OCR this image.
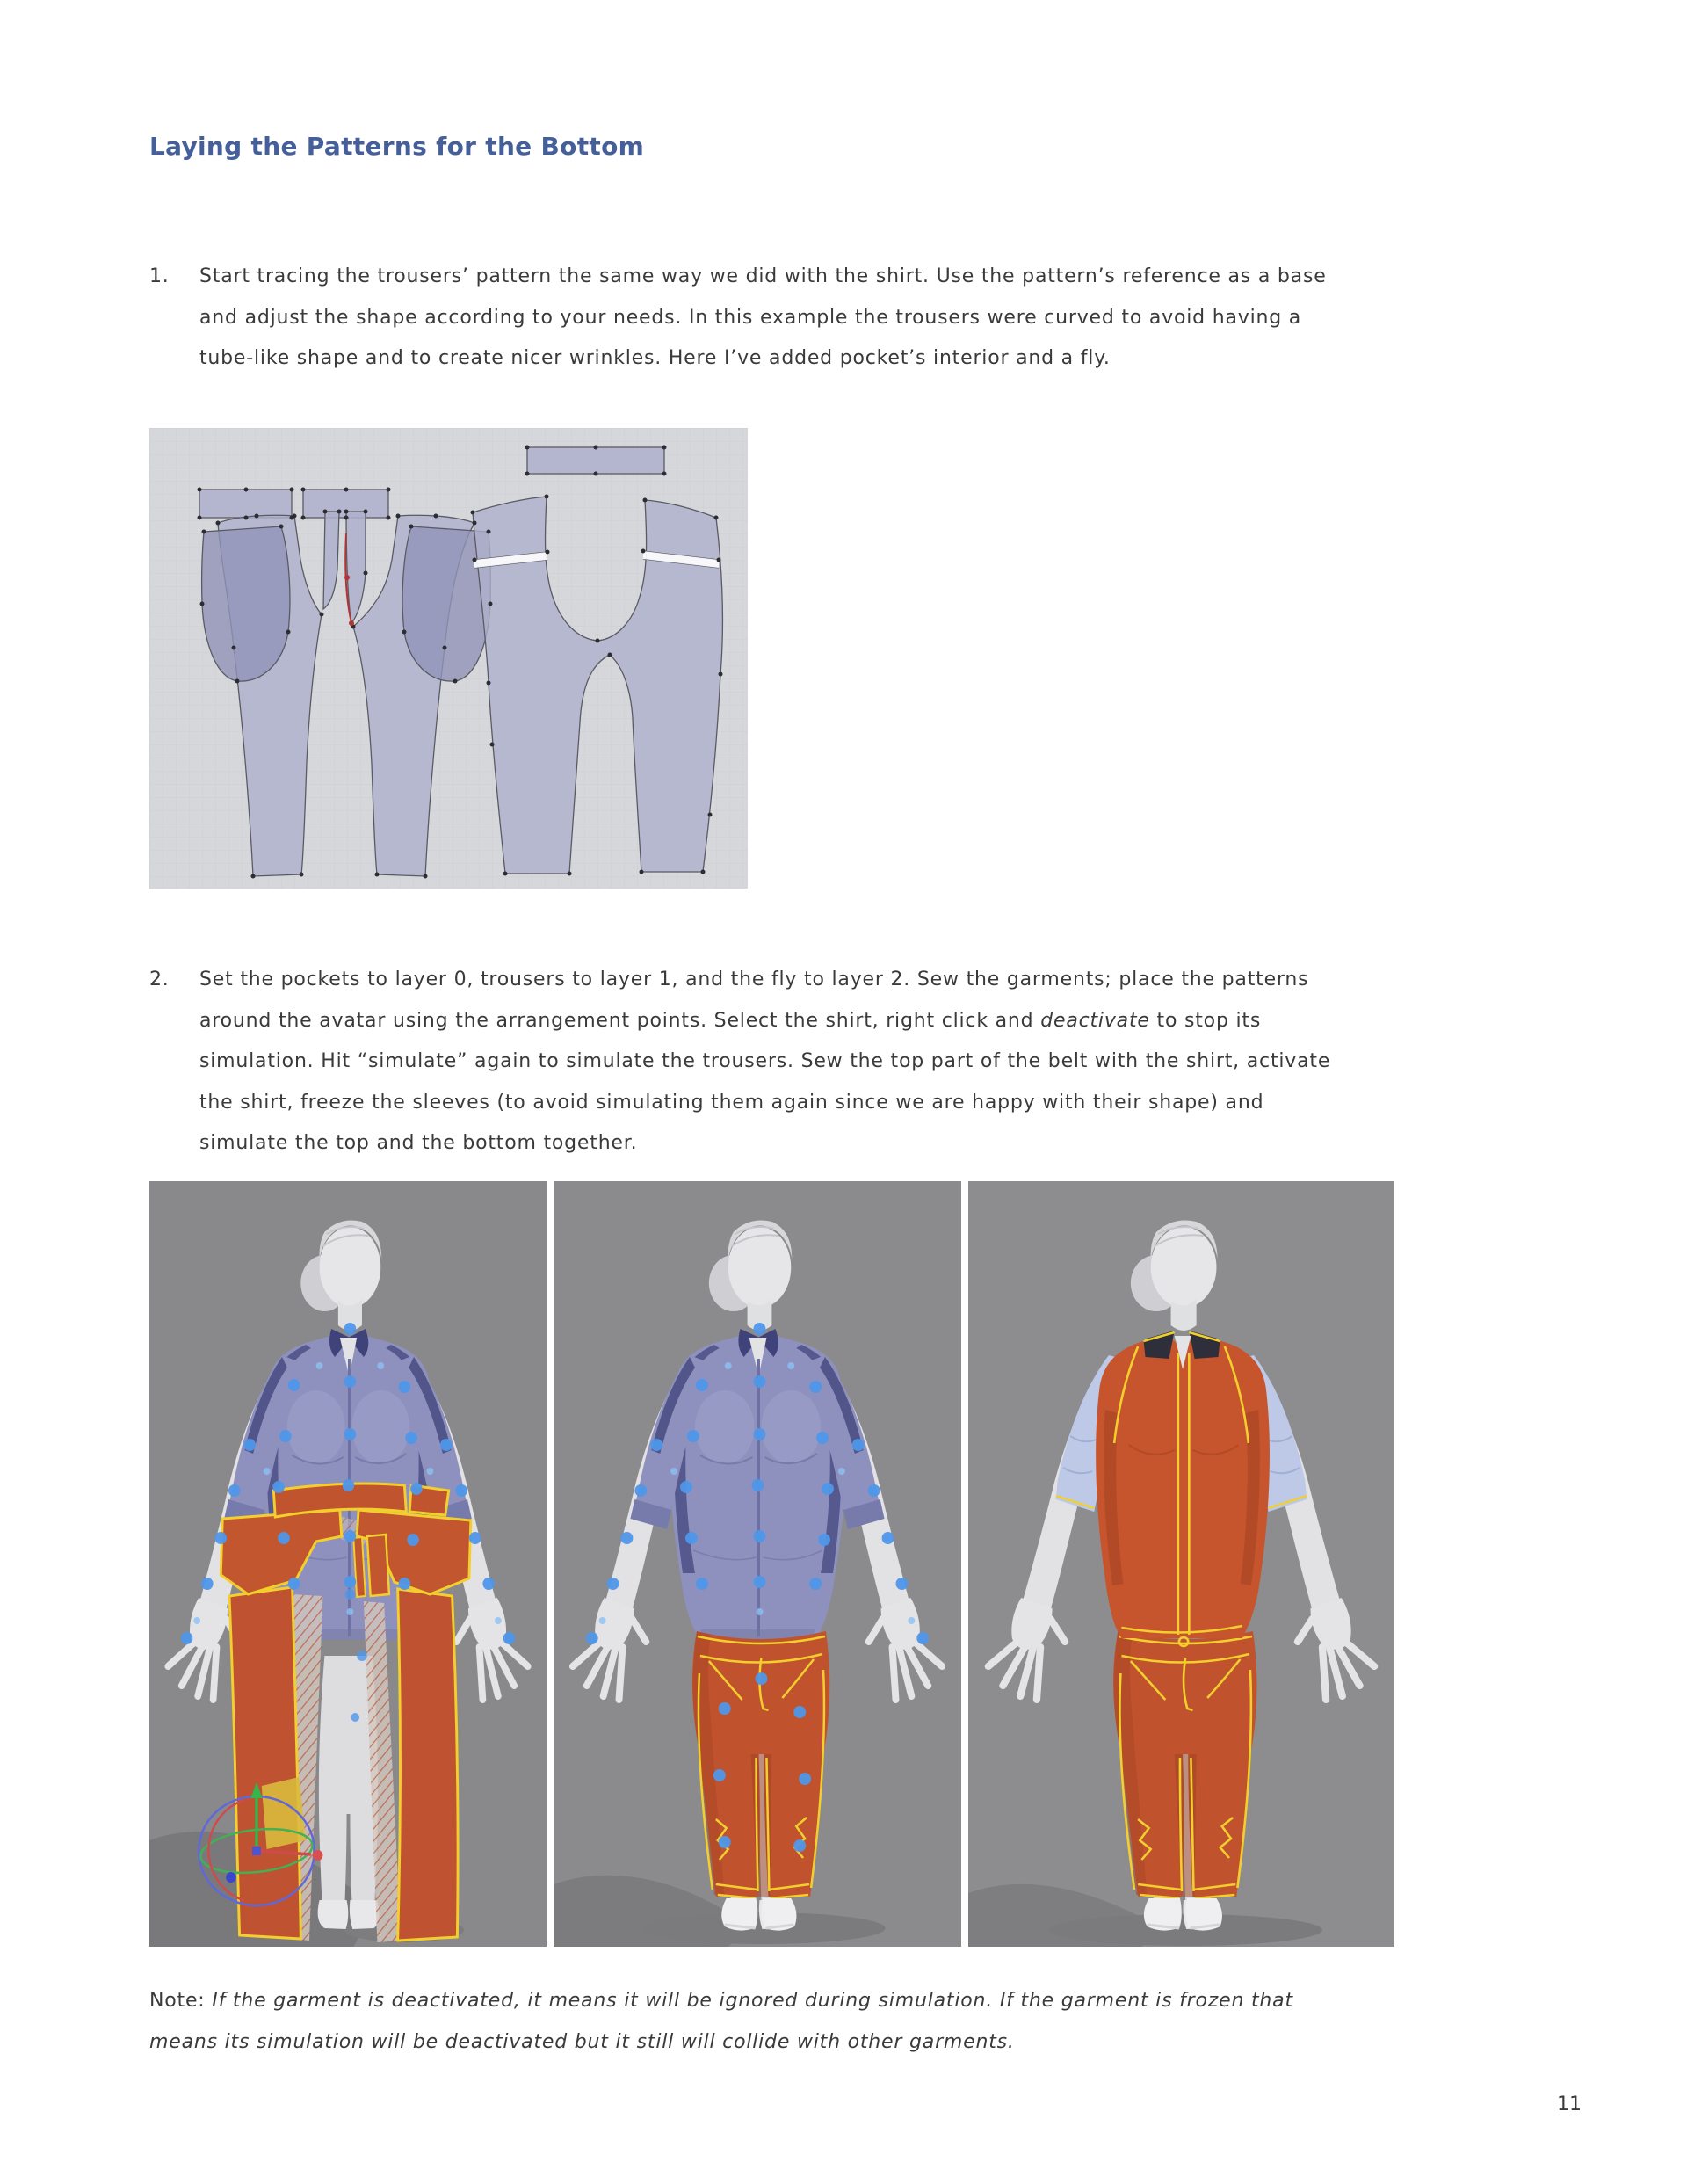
Laying the Patterns for the Bottom
1. Start tracing the trousers’ pattern the same way we did with the shirt. Use the pattern’s reference as a base
and adjust the shape according to your needs. In this example the trousers were curved to avoid having a
tube-like shape and to create nicer wrinkles. Here I’ve added pocket’s interior and a fly.
2. Set the pockets to layer 0, trousers to layer 1, and the fly to layer 2. Sew the garments; place the patterns
around the avatar using the arrangement points. Select the shirt, right click and deactivate to stop its
simulation. Hit “simulate” again to simulate the trousers. Sew the top part of the belt with the shirt, activate
the shirt, freeze the sleeves (to avoid simulating them again since we are happy with their shape) and
simulate the top and the bottom together.
Note: If the garment is deactivated, it means it will be ignored during simulation. If the garment is frozen that
means its simulation will be deactivated but it still will collide with other garments.
11
